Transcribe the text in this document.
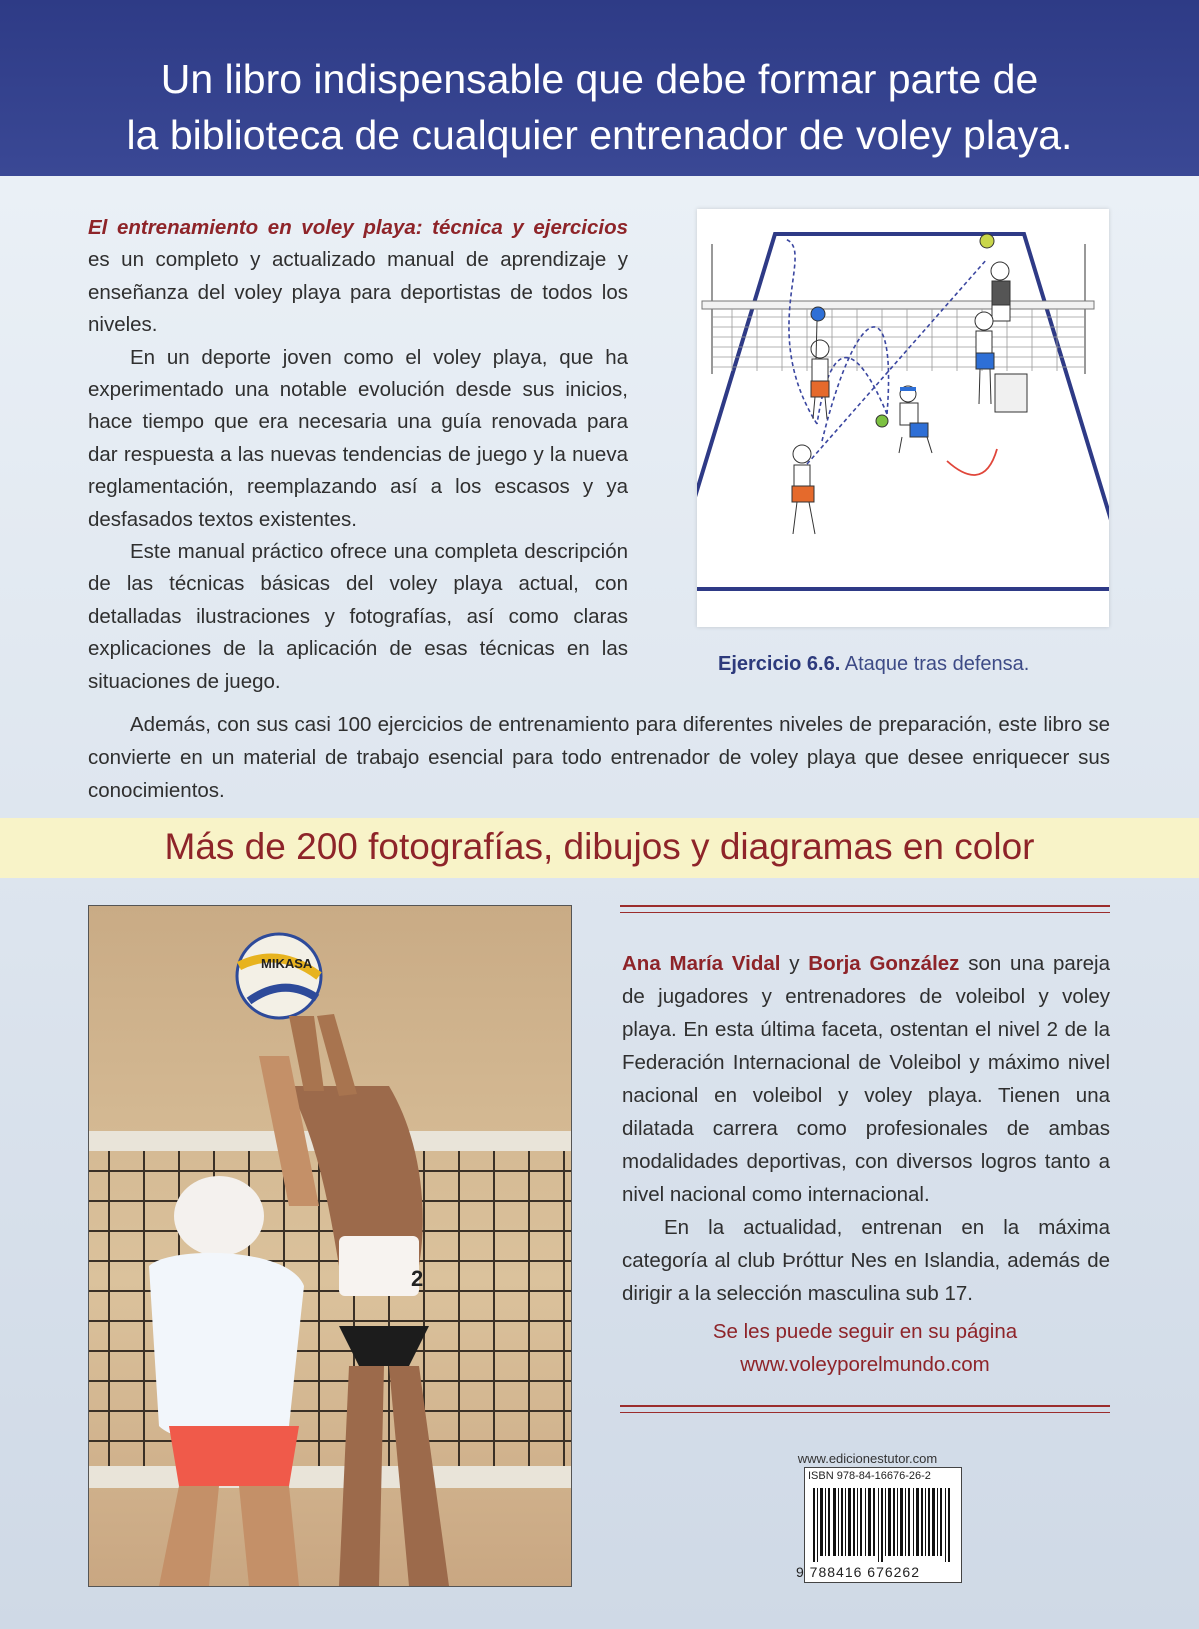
Un libro indispensable que debe formar parte de
la biblioteca de cualquier entrenador de voley playa.

El entrenamiento en voley playa: técnica y ejercicios es un completo y actualizado manual de aprendizaje y enseñanza del voley playa para deportistas de todos los niveles.

En un deporte joven como el voley playa, que ha experimentado una notable evolución desde sus inicios, hace tiempo que era necesaria una guía renovada para dar respuesta a las nuevas tendencias de juego y la nueva reglamentación, reemplazando así a los escasos y ya desfasados textos existentes.

Este manual práctico ofrece una completa descripción de las técnicas básicas del voley playa actual, con detalladas ilustraciones y fotografías, así como claras explicaciones de la aplicación de esas técnicas en las situaciones de juego.

Además, con sus casi 100 ejercicios de entrenamiento para diferentes niveles de preparación, este libro se convierte en un material de trabajo esencial para todo entrenador de voley playa que desee enriquecer sus conocimientos.

Ejercicio 6.6. Ataque tras defensa.
Más de 200 fotografías, dibujos y diagramas en color
MIKASA
2

Ana María Vidal y Borja González son una pareja de jugadores y entrenadores de voleibol y voley playa. En esta última faceta, ostentan el nivel 2 de la Federación Internacional de Voleibol y máximo nivel nacional en voleibol y voley playa. Tienen una dilatada carrera como profesionales de ambas modalidades deportivas, con diversos logros tanto a nivel nacional como internacional.

En la actualidad, entrenan en la máxima categoría al club Þróttur Nes en Islandia, además de dirigir a la selección masculina sub 17.

Se les puede seguir en su página
www.voleyporelmundo.com
www.edicionestutor.com
ISBN 978-84-16676-26-2
9 788416 676262
